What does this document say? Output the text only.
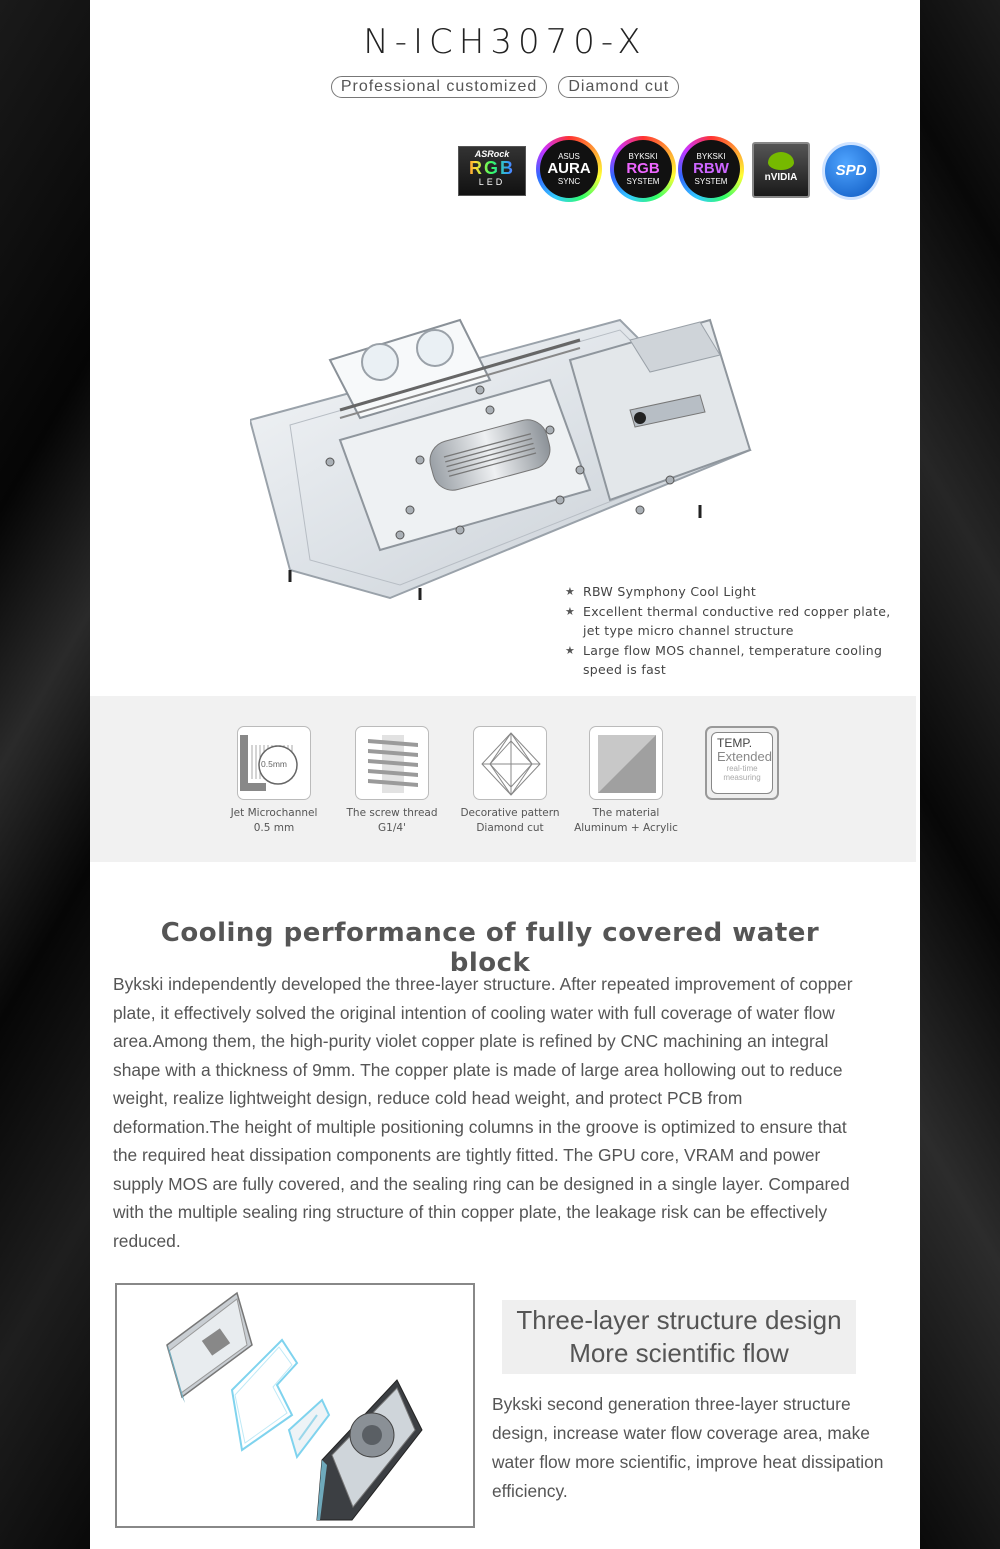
N-ICH3070-X
Professional customized Diamond cut
ASRock
RGB
LED
ASUS
AURA
SYNC
BYKSKI
RGB
SYSTEM
BYKSKI
RBW
SYSTEM	nVIDIA	SPD
★ RBW Symphony Cool Light
★ Excellent thermal conductive red copper plate,
jet type micro channel structure
★ Large flow MOS channel, temperature cooling
speed is fast
0.5mm
Jet Microchannel
0.5 mm
The screw thread
G1/4'
Decorative pattern
Diamond cut
The material
Aluminum + Acrylic
TEMP.
Extended
real-time
measuring
Cooling performance of fully covered water block
Bykski independently developed the three-layer structure. After repeated improvement of copper plate, it effectively solved the original intention of cooling water with full coverage of water flow area.Among them, the high-purity violet copper plate is refined by CNC machining an integral shape with a thickness of 9mm. The copper plate is made of large area hollowing out to reduce weight, realize lightweight design, reduce cold head weight, and protect PCB from deformation.The height of multiple positioning columns in the groove is optimized to ensure that the required heat dissipation components are tightly fitted. The GPU core, VRAM and power supply MOS are fully covered, and the sealing ring can be designed in a single layer. Compared with the multiple sealing ring structure of thin copper plate, the leakage risk can be effectively reduced.
Three-layer structure design
More scientific flow
Bykski second generation three-layer structure design, increase water flow coverage area, make water flow more scientific, improve heat dissipation efficiency.
